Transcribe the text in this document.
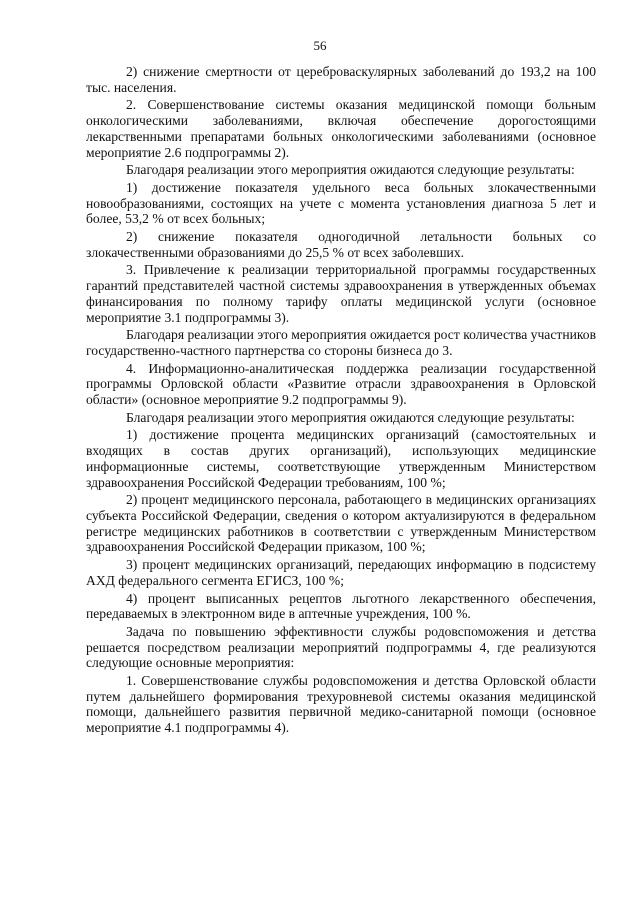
56

2) снижение смертности от цереброваскулярных заболеваний до 193,2 на 100 тыс. населения.

2. Совершенствование системы оказания медицинской помощи больным онкологическими заболеваниями, включая обеспечение дорогостоящими лекарственными препаратами больных онкологическими заболеваниями (основное мероприятие 2.6 подпрограммы 2).

Благодаря реализации этого мероприятия ожидаются следующие результаты:

1) достижение показателя удельного веса больных злокачественными новообразованиями, состоящих на учете с момента установления диагноза 5 лет и более, 53,2 % от всех больных;

2) снижение показателя одногодичной летальности больных со злокачественными образованиями до 25,5 % от всех заболевших.

3. Привлечение к реализации территориальной программы государственных гарантий представителей частной системы здравоохранения в утвержденных объемах финансирования по полному тарифу оплаты медицинской услуги (основное мероприятие 3.1 подпрограммы 3).

Благодаря реализации этого мероприятия ожидается рост количества участников государственно-частного партнерства со стороны бизнеса до 3.

4. Информационно-аналитическая поддержка реализации государственной программы Орловской области «Развитие отрасли здравоохранения в Орловской области» (основное мероприятие 9.2 подпрограммы 9).

Благодаря реализации этого мероприятия ожидаются следующие результаты:

1) достижение процента медицинских организаций (самостоятельных и входящих в состав других организаций), использующих медицинские информационные системы, соответствующие утвержденным Министерством здравоохранения Российской Федерации требованиям, 100 %;

2) процент медицинского персонала, работающего в медицинских организациях субъекта Российской Федерации, сведения о котором актуализируются в федеральном регистре медицинских работников в соответствии с утвержденным Министерством здравоохранения Российской Федерации приказом, 100 %;

3) процент медицинских организаций, передающих информацию в подсистему АХД федерального сегмента ЕГИСЗ, 100 %;

4) процент выписанных рецептов льготного лекарственного обеспечения, передаваемых в электронном виде в аптечные учреждения, 100 %.

Задача по повышению эффективности службы родовспоможения и детства решается посредством реализации мероприятий подпрограммы 4, где реализуются следующие основные мероприятия:

1. Совершенствование службы родовспоможения и детства Орловской области путем дальнейшего формирования трехуровневой системы оказания медицинской помощи, дальнейшего развития первичной медико-санитарной помощи (основное мероприятие 4.1 подпрограммы 4).
